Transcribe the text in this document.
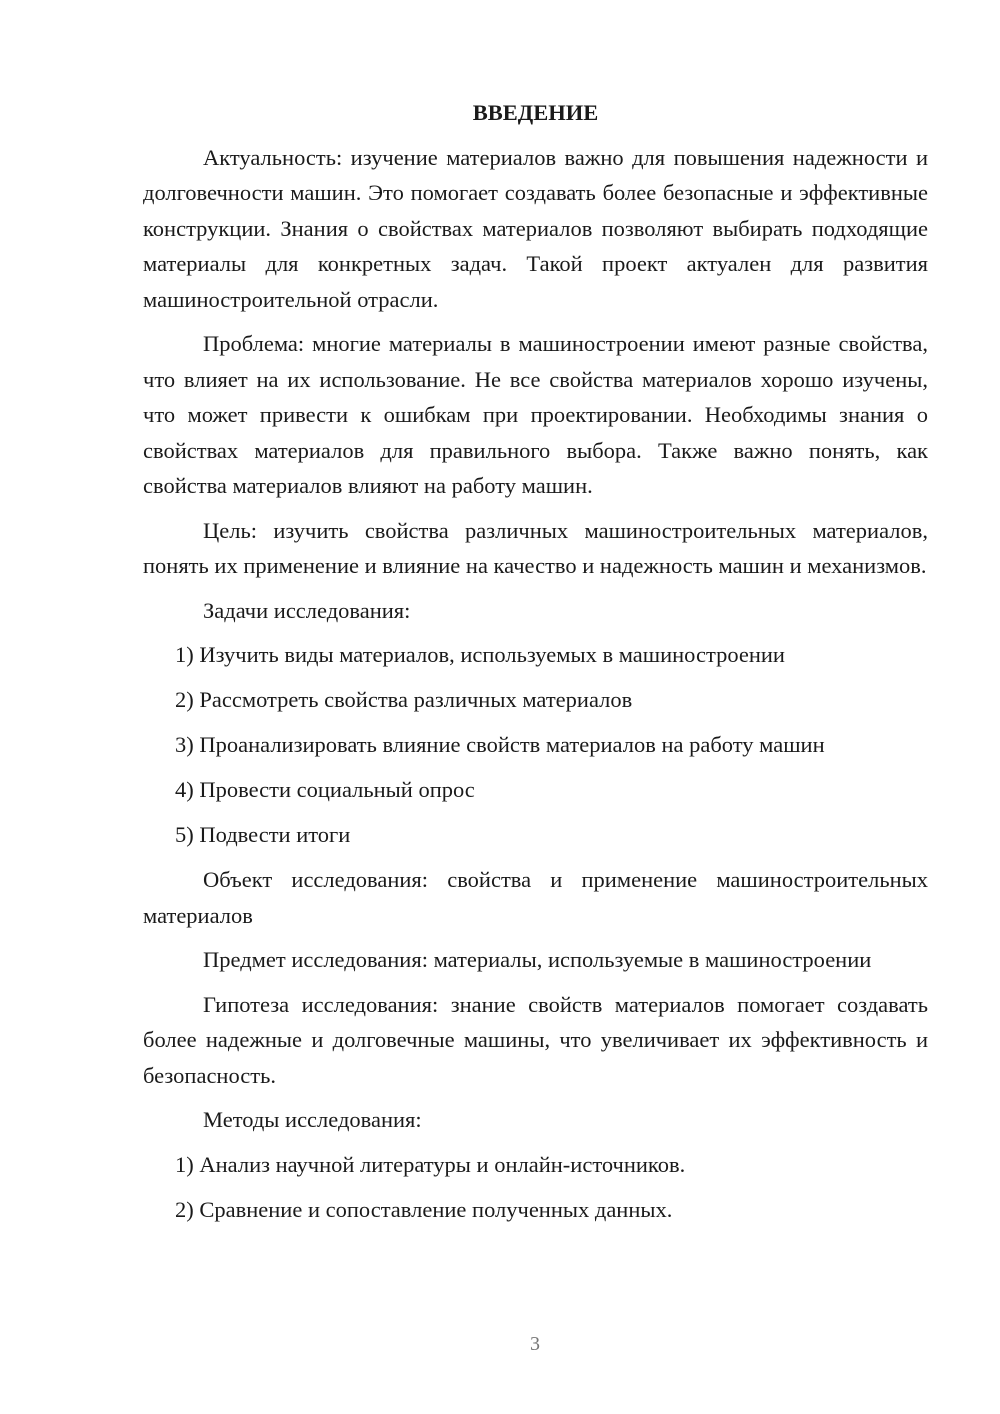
ВВЕДЕНИЕ
Актуальность: изучение материалов важно для повышения надежности и долговечности машин. Это помогает создавать более безопасные и эффективные конструкции. Знания о свойствах материалов позволяют выбирать подходящие материалы для конкретных задач. Такой проект актуален для развития машиностроительной отрасли.
Проблема: многие материалы в машиностроении имеют разные свойства, что влияет на их использование. Не все свойства материалов хорошо изучены, что может привести к ошибкам при проектировании. Необходимы знания о свойствах материалов для правильного выбора. Также важно понять, как свойства материалов влияют на работу машин.
Цель: изучить свойства различных машиностроительных материалов, понять их применение и влияние на качество и надежность машин и механизмов.
Задачи исследования:
1) Изучить виды материалов, используемых в машиностроении
2) Рассмотреть свойства различных материалов
3) Проанализировать влияние свойств материалов на работу машин
4) Провести социальный опрос
5) Подвести итоги
Объект исследования: свойства и применение машиностроительных материалов
Предмет исследования: материалы, используемые в машиностроении
Гипотеза исследования: знание свойств материалов помогает создавать более надежные и долговечные машины, что увеличивает их эффективность и безопасность.
Методы исследования:
1) Анализ научной литературы и онлайн-источников.
2) Сравнение и сопоставление полученных данных.
3
